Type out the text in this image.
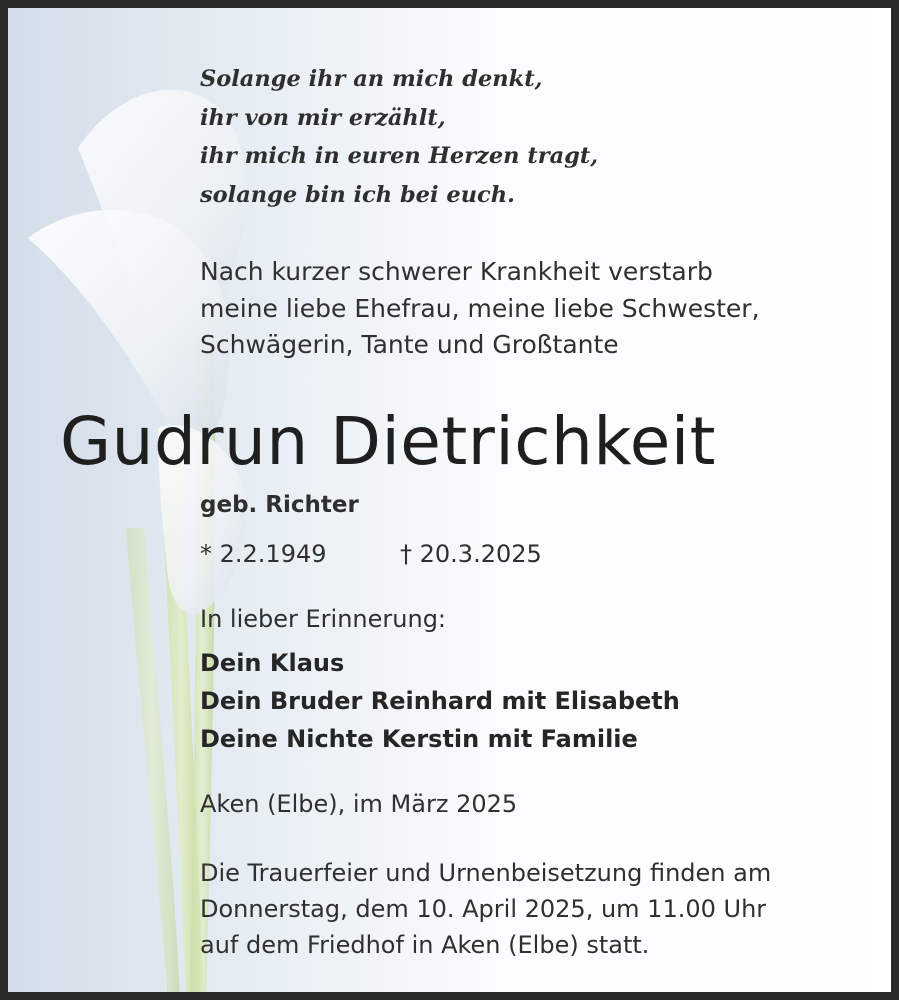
Solange ihr an mich denkt,
ihr von mir erzählt,
ihr mich in euren Herzen tragt,
solange bin ich bei euch.
Nach kurzer schwerer Krankheit verstarb
meine liebe Ehefrau, meine liebe Schwester,
Schwägerin, Tante und Großtante
Gudrun Dietrichkeit
geb. Richter
* 2.2.1949	† 20.3.2025
In lieber Erinnerung:
Dein Klaus
Dein Bruder Reinhard mit Elisabeth
Deine Nichte Kerstin mit Familie
Aken (Elbe), im März 2025
Die Trauerfeier und Urnenbeisetzung finden am
Donnerstag, dem 10. April 2025, um 11.00 Uhr
auf dem Friedhof in Aken (Elbe) statt.
